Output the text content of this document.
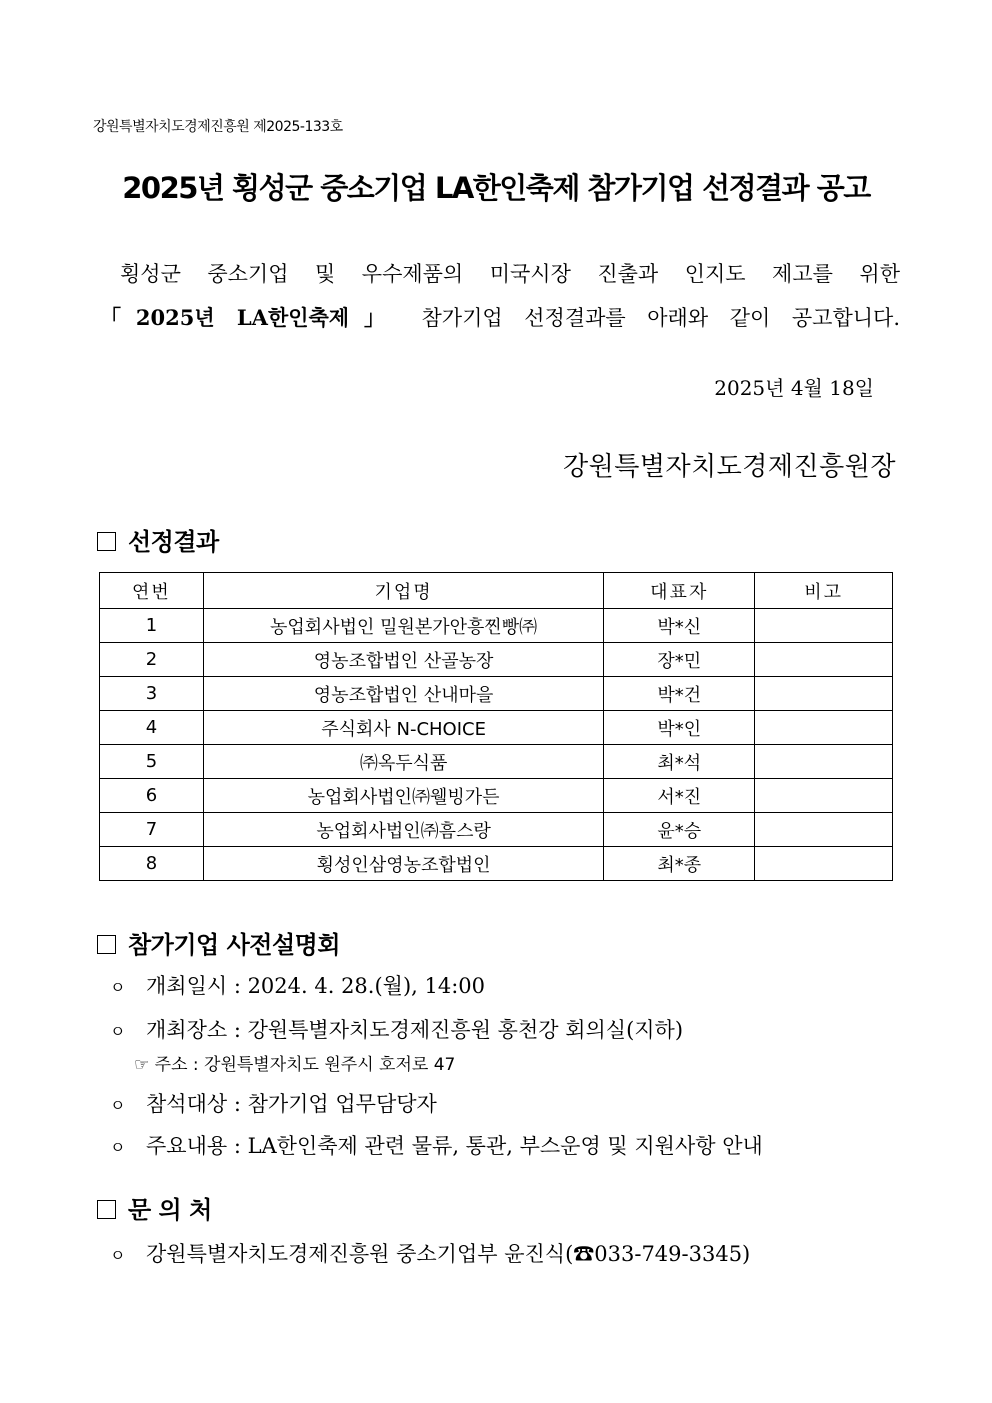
강원특별자치도경제진흥원 제2025-133호
2025년 횡성군 중소기업 LA한인축제 참가기업 선정결과 공고
횡성군 중소기업 및 우수제품의 미국시장 진출과 인지도 제고를 위한
「2025년 LA한인축제」 참가기업 선정결과를 아래와 같이 공고합니다.
2025년 4월 18일
강원특별자치도경제진흥원장
선정결과
연번	기업명	대표자	비고
1	농업회사법인 밀원본가안흥찐빵㈜	박*신	
2	영농조합법인 산골농장	장*민	
3	영농조합법인 산내마을	박*건	
4	주식회사 N-CHOICE	박*인	
5	㈜옥두식품	최*석	
6	농업회사법인㈜웰빙가든	서*진	
7	농업회사법인㈜흠스랑	윤*승	
8	횡성인삼영농조합법인	최*종	
참가기업 사전설명회
ㅇ 개최일시 : 2024. 4. 28.(월), 14:00
ㅇ 개최장소 : 강원특별자치도경제진흥원 홍천강 회의실(지하)
☞ 주소 : 강원특별자치도 원주시 호저로 47
ㅇ 참석대상 : 참가기업 업무담당자
ㅇ 주요내용 : LA한인축제 관련 물류, 통관, 부스운영 및 지원사항 안내
문 의 처
ㅇ 강원특별자치도경제진흥원 중소기업부 윤진식(☎033-749-3345)
